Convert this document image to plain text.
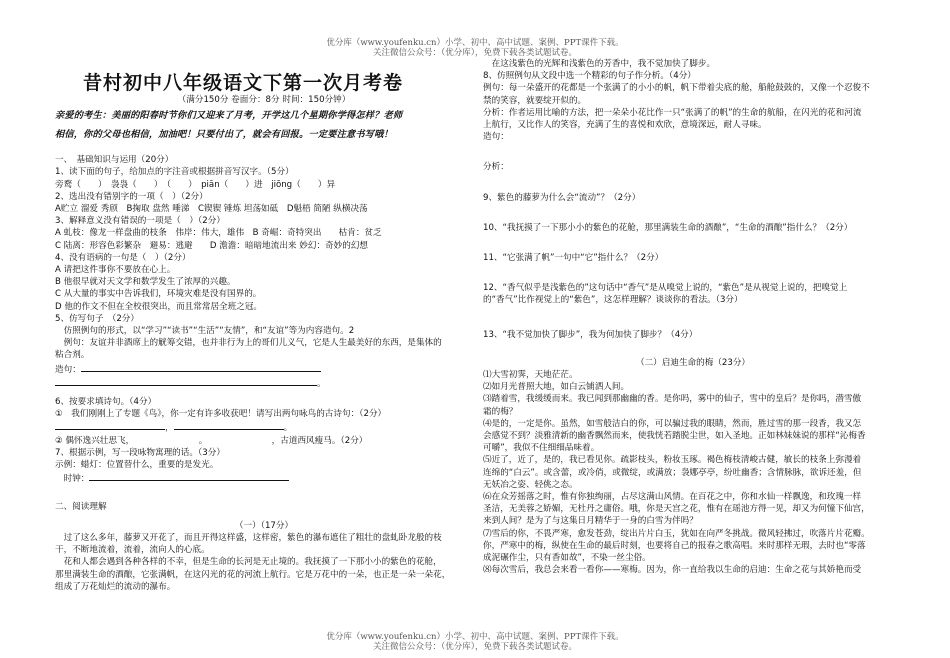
优分库（www.youfenku.cn）小学、初中、高中试题、案例、PPT课件下载。
关注微信公众号：（优分库），免费下载各类试题试卷。

昔村初中八年级语文下第一次月考卷

（满分150分 卷面分：8分 时间：150分钟）

亲爱的考生：美丽的阳春时节你们又迎来了月考，开学这几个星期你学得怎样？老师
相信，你的父母也相信，加油吧！只要付出了，就会有回报。一定要注意书写哦！

一、　基础知识与运用（20分）
1、读下面的句子，给加点的字注音或根据拼音写汉字。（5分）
旁鹜（　　）　袅袅（　　）　（　　）　piān（　　）进　jiōng（　　）异
2、选出没有错别字的一项（　）（2分）
A贮立 溜爱 秀颀　B掬取 盘然 唾涕　C锲锲 锤炼 坦荡如砥　D魁梧 简陋 纵横决荡
3、解释意义没有错误的一项是（　）（2分）
A 虬枝：像龙一样盘曲的枝条　伟岸：伟大，雄伟　B 奇崛：奇特突出　　枯肯：贫乏
C 陆离：形容色彩繁杂　避易：逃避　　D 澹澹：暗暗地流出来 妙幻：奇妙的幻想
4、没有语病的一句是（　）（2分）
A 请把这件事你不要放在心上。
B 他很早就对天文学和数学发生了浓厚的兴趣。
C 从大量的事实中告诉我们，环境灾难是没有国界的。
D 他的作文不但在全校很突出，而且常常居全班之冠。
5、仿写句子　（2分）
　仿照例句的形式，以“学习”“读书”“生活”“友情”，和“友谊”等为内容造句。2
　例句：友谊并非酒席上的觥筹交错，也并非行为上的哥们儿义气，它是人生最美好的东西，是集体的
粘合剂。
造句：
。
6、按要求填诗句。（4分）
①　我们刚刚上了专题《鸟》，你一定有许多收获吧！请写出两句咏鸟的古诗句：（2分）
，	。
② 偶怀逸兴壮思飞，　　　　　　　　。　　　　　　　　，古道西风瘦马。（2分）
7、根据示例，写一段咏物寓理的话。（3分）
示例：蜡灯：位置替什么，重要的是发光。
　时钟：
二、阅读理解
（一）（17分）
　过了这么多年，藤萝又开花了，而且开得这样盛，这样密，紫色的瀑布遮住了粗壮的盘虬卧龙般的枝
干，不断地流着，流着，流向人的心底。
　花和人都会遇到各种各样的不幸，但是生命的长河是无止境的。我抚摸了一下那小小的紫色的花舱，
那里满装生命的酒酿，它张满帆，在这闪光的花的河流上航行。它是万花中的一朵，也正是一朵一朵花，
组成了万花灿烂的流动的瀑布。
　在这浅紫色的光辉和浅紫色的芳香中，我不觉加快了脚步。
8、仿照例句从文段中选一个精彩的句子作分析。（4分）
例句：每一朵盛开的花都是一个张满了的小小的帆，帆下带着尖底的舱，船舱鼓鼓的，又像一个忍俊不
禁的笑容，就要绽开似的。
分析：作者运用比喻的方法，把一朵朵小花比作一只“张满了的帆”的生命的航船，在闪光的花和河流
上航行，又比作人的笑容，充满了生的喜悦和欢欣，意境深远，耐人寻味。
造句：
分析：
9、紫色的藤萝为什么会“流动”？（2分）
10、“我抚摸了一下那小小的紫色的花舱，那里满装生命的酒酿”，“生命的酒酿”指什么？（2分）
11、“它张满了帆”一句中“它”指什么？（2分）
12、“香气似乎是浅紫色的”这句话中“香气”是从嗅觉上说的，“紫色”是从视觉上说的，把嗅觉上
的“香气”比作视觉上的“紫色”，这怎样理解？谈谈你的看法。（3分）
13、“我不觉加快了脚步”，我为何加快了脚步？（4分）
（二）启迪生命的梅（23分）
⑴大雪初霁，天地茫茫。
⑵如月光普照大地，如白云铺洒人间。
⑶踏着雪，我缓缓而来。我已闻到那幽幽的香。是你吗，雾中的仙子，雪中的皇后？是你吗，潜雪傲
霜的梅？
⑷是的，一定是你。虽然，如雪般洁白的你，可以骗过我的眼睛，然而，胜过雪的那一段香，我又怎
会感觉不到？淡雅清新的幽香飘然而来，使我恍若踏脱尘世，如入圣地。正如林妹妹说的那样“沁梅香
可嚼”，我似不住细细品味着。
⑸近了，近了，是的，我已看见你。疏影枝头，粉妆玉琢。褐色梅枝清峻古健，敏长的枝条上弥漫着
连绵的“白云”。或含蕾，或冷俏，或微绽，或满放；袅娜亭亭，纷吐幽香；含情脉脉，欲诉还羞，但
无妖冶之姿、轻佻之态。
⑹在众芳摇落之时，惟有你独绚丽，占尽这满山风情。在百花之中，你和水仙一样飘逸，和玫瑰一样
圣洁，无美蓉之娇媚，无杜丹之庸俗。哦，你是天宫之花，惟有在瑶池方得一见，却又为何憧下仙宫，
来到人间？是为了与这集日月精华于一身的白雪为伴吗？
⑺雪后的你，不畏严寒，愈发苍劲，绽出片片白玉，犹如在向严冬挑战。微风轻拂过，吹落片片花瓣。
你，严寒中的梅，纵使在生命的最后时刻，也要将自己的报春之歌高唱。来时那样无瑕，去时也“零落
成泥碾作尘，只有香如故”，不染一丝尘俗。
⑻每次雪后，我总会来看一看你——寒梅。因为，你一直给我以生命的启迪：生命之花与其娇艳而受
优分库（www.youfenku.cn）小学、初中、高中试题、案例、PPT课件下载。
关注微信公众号：（优分库），免费下载各类试题试卷。
